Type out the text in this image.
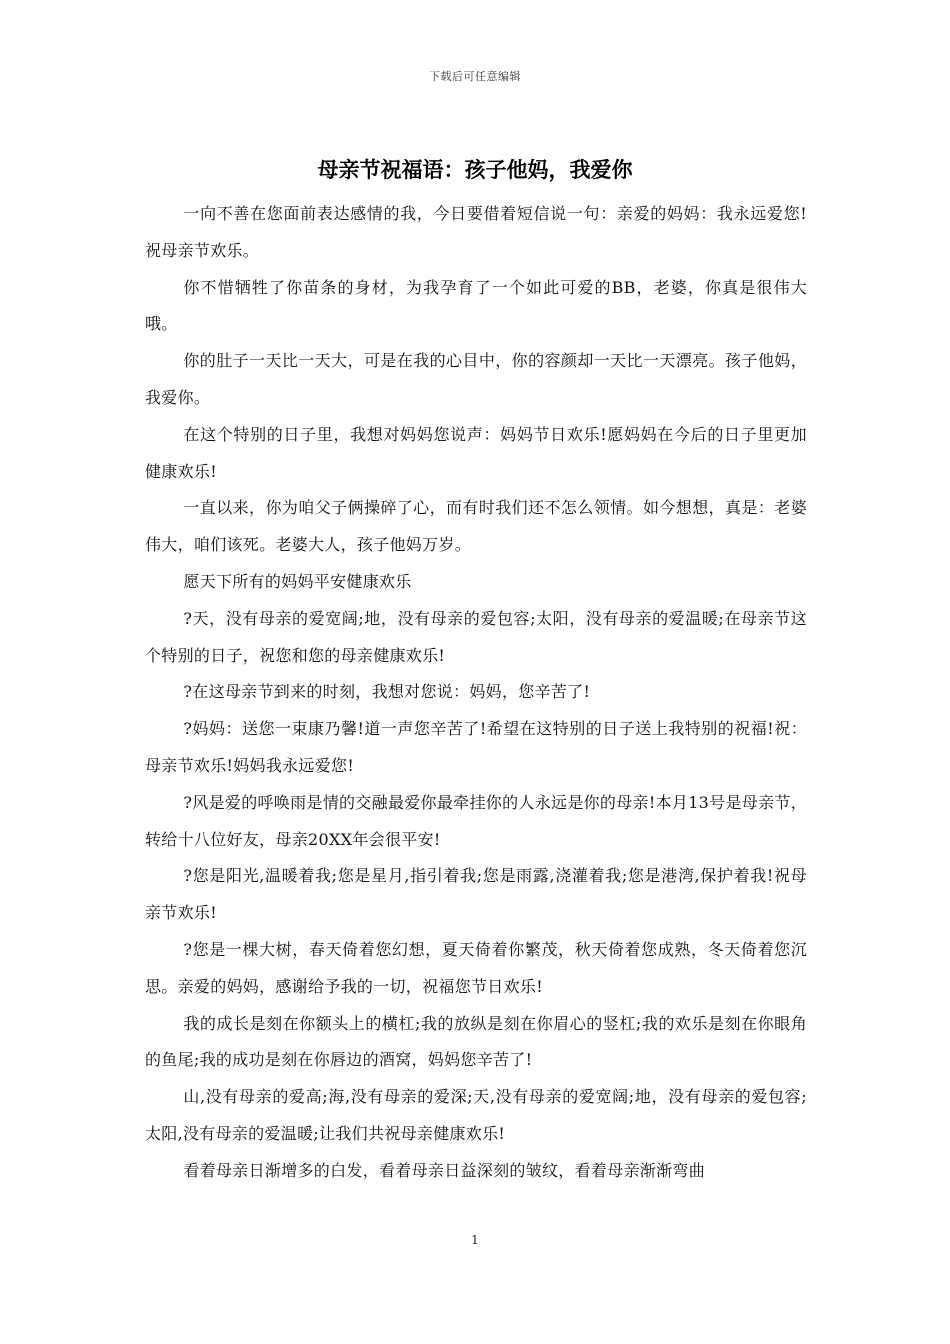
下载后可任意编辑
母亲节祝福语：孩子他妈，我爱你

一向不善在您面前表达感情的我，今日要借着短信说一句：亲爱的妈妈：我永远爱您!祝母亲节欢乐。

你不惜牺牲了你苗条的身材，为我孕育了一个如此可爱的BB，老婆，你真是很伟大哦。

你的肚子一天比一天大，可是在我的心目中，你的容颜却一天比一天漂亮。孩子他妈，我爱你。

在这个特别的日子里，我想对妈妈您说声：妈妈节日欢乐!愿妈妈在今后的日子里更加健康欢乐!

一直以来，你为咱父子俩操碎了心，而有时我们还不怎么领情。如今想想，真是：老婆伟大，咱们该死。老婆大人，孩子他妈万岁。

愿天下所有的妈妈平安健康欢乐

?天，没有母亲的爱宽阔;地，没有母亲的爱包容;太阳，没有母亲的爱温暖;在母亲节这个特别的日子，祝您和您的母亲健康欢乐!

?在这母亲节到来的时刻，我想对您说：妈妈，您辛苦了!

?妈妈：送您一束康乃馨!道一声您辛苦了!希望在这特别的日子送上我特别的祝福!祝：母亲节欢乐!妈妈我永远爱您!

?风是爱的呼唤雨是情的交融最爱你最牵挂你的人永远是你的母亲!本月13号是母亲节，转给十八位好友，母亲20XX年会很平安!

?您是阳光,温暖着我;您是星月,指引着我;您是雨露,浇灌着我;您是港湾,保护着我!祝母亲节欢乐!

?您是一棵大树，春天倚着您幻想，夏天倚着你繁茂，秋天倚着您成熟，冬天倚着您沉思。亲爱的妈妈，感谢给予我的一切，祝福您节日欢乐!

我的成长是刻在你额头上的横杠;我的放纵是刻在你眉心的竖杠;我的欢乐是刻在你眼角的鱼尾;我的成功是刻在你唇边的酒窝，妈妈您辛苦了!

山,没有母亲的爱高;海,没有母亲的爱深;天,没有母亲的爱宽阔;地，没有母亲的爱包容;太阳,没有母亲的爱温暖;让我们共祝母亲健康欢乐!

看着母亲日渐增多的白发，看着母亲日益深刻的皱纹，看着母亲渐渐弯曲

1
